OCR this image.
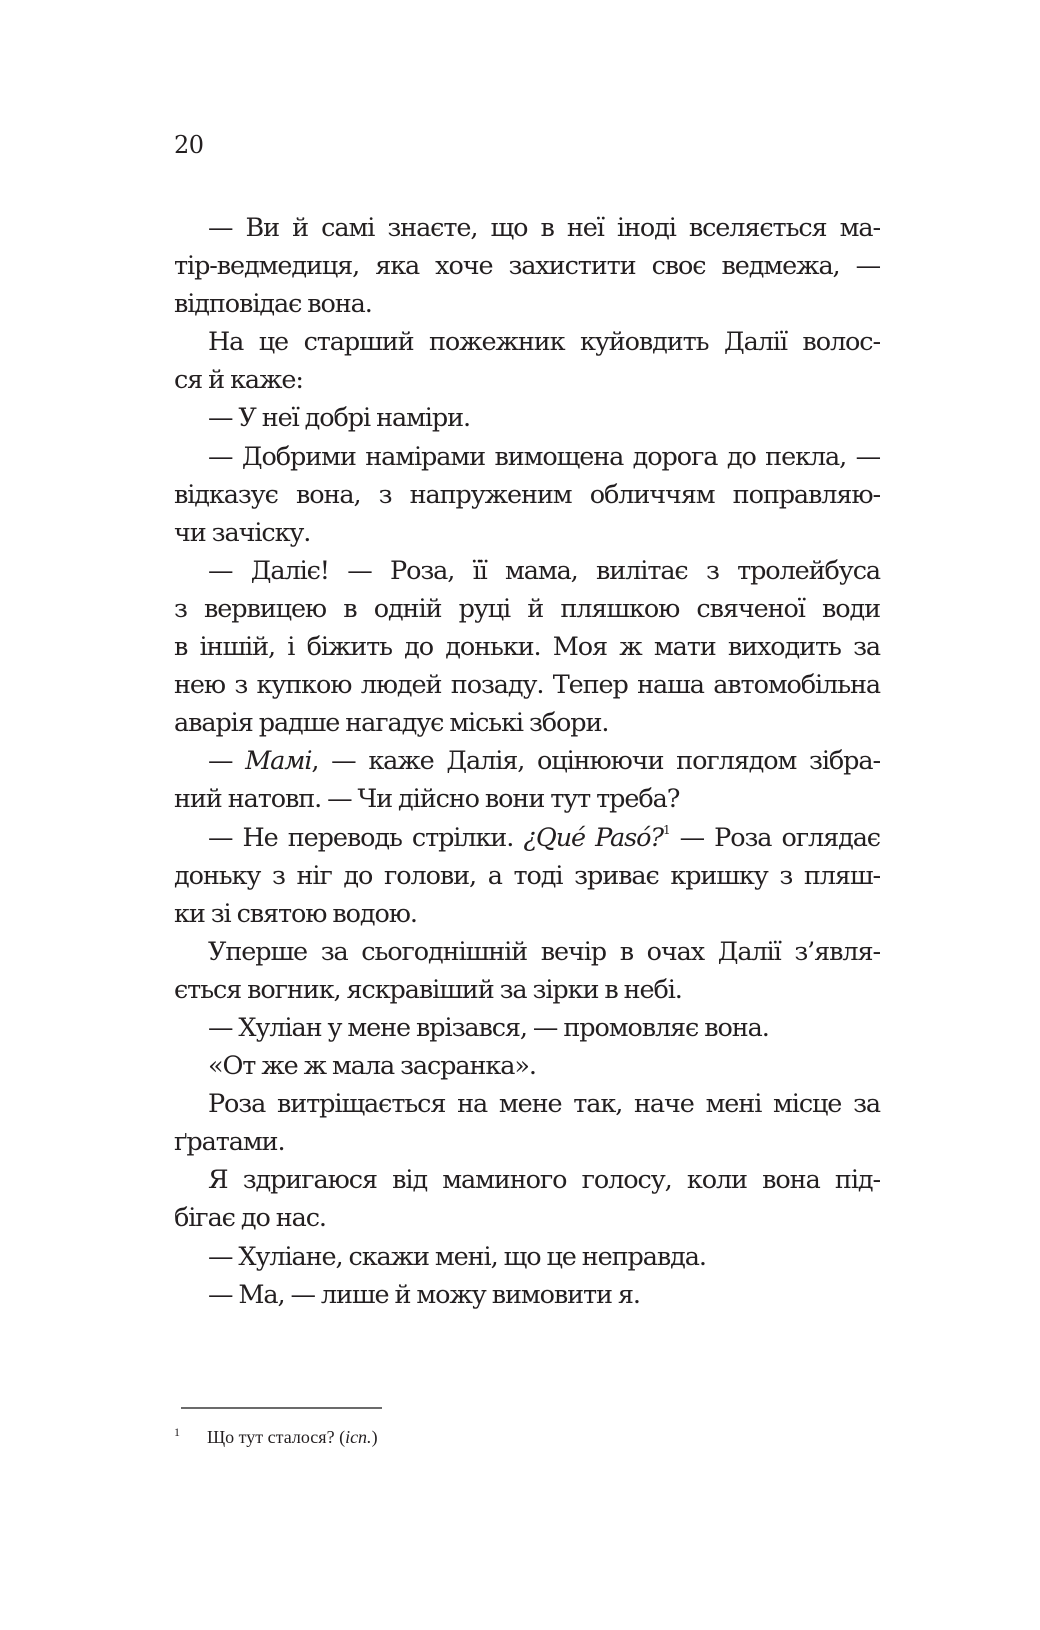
20
— Ви й самі знаєте, що в неї іноді вселяється ма-
тір-ведмедиця, яка хоче захистити своє ведмежа, —
відповідає вона.
На це старший пожежник куйовдить Далії волос-
ся й каже:
— У неї добрі наміри.
— Добрими намірами вимощена дорога до пекла, —
відказує вона, з напруженим обличчям поправляю-
чи зачіску.
— Даліє! — Роза, її мама, вилітає з тролейбуса
з вервицею в одній руці й пляшкою свяченої води
в іншій, і біжить до доньки. Моя ж мати виходить за
нею з купкою людей позаду. Тепер наша автомобільна
аварія радше нагадує міські збори.
— Мамі, — каже Далія, оцінюючи поглядом зібра-
ний натовп. — Чи дійсно вони тут треба?
— Не переводь стрілки. ¿Qué Pasó?$^1$ — Роза оглядає
доньку з ніг до голови, а тоді зриває кришку з пляш-
ки зі святою водою.
Уперше за сьогоднішній вечір в очах Далії з’явля-
ється вогник, яскравіший за зірки в небі.
— Хуліан у мене врізався, — промовляє вона.
«От же ж мала засранка».
Роза витріщається на мене так, наче мені місце за
ґратами.
Я здригаюся від маминого голосу, коли вона під-
бігає до нас.
— Хуліане, скажи мені, що це неправда.
— Ма, — лише й можу вимовити я.
1 Що тут сталося? (ісп.)
